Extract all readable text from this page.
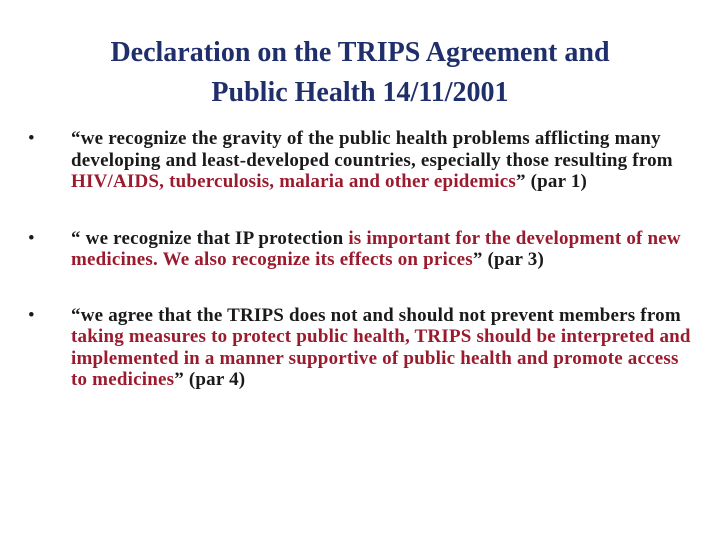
Declaration on the TRIPS Agreement and
Public Health 14/11/2001
• “we recognize the gravity of the public health problems afflicting many developing and least-developed countries, especially those resulting from HIV/AIDS, tuberculosis, malaria and other epidemics” (par 1)
• “ we recognize that IP protection is important for the development of new medicines. We also recognize its effects on prices” (par 3)
• “we agree that the TRIPS does not and should not prevent members from taking measures to protect public health, TRIPS should be interpreted and implemented in a manner supportive of public health and promote access to medicines” (par 4)
